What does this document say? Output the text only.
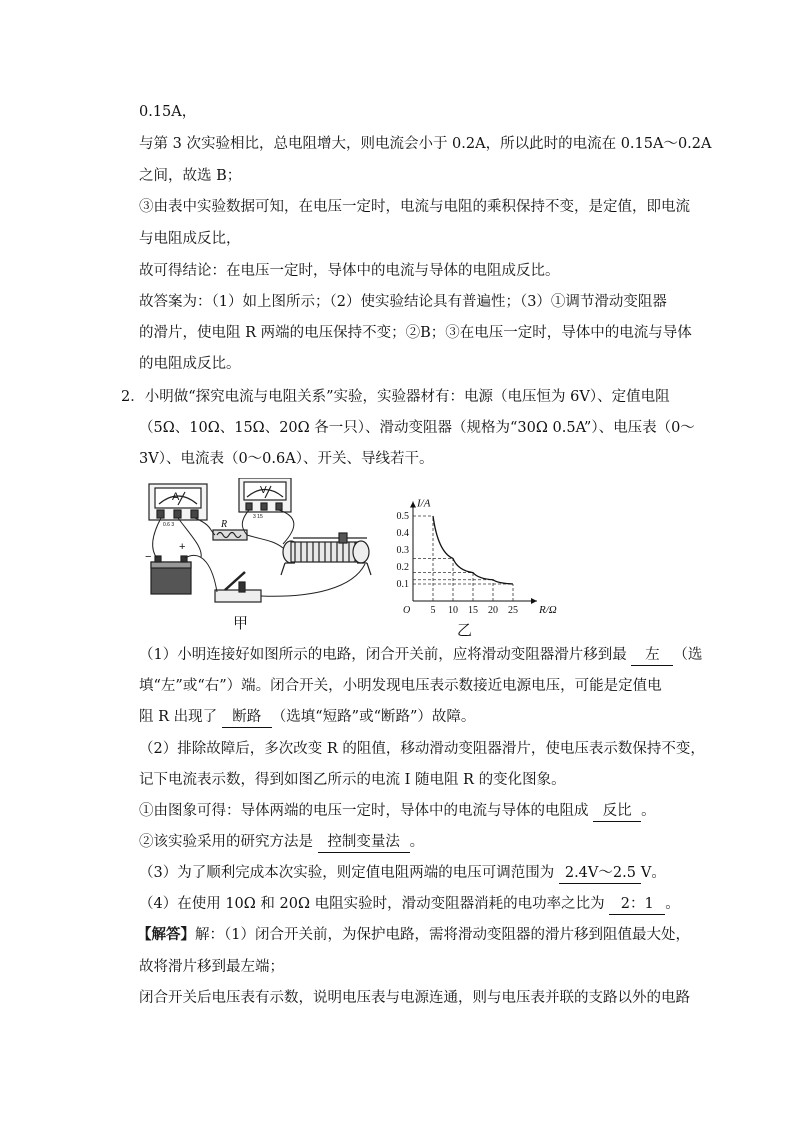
0.15A，
与第 3 次实验相比，总电阻增大，则电流会小于 0.2A，所以此时的电流在 0.15A～0.2A
之间，故选 B；
③由表中实验数据可知，在电压一定时，电流与电阻的乘积保持不变，是定值，即电流
与电阻成反比，
故可得结论：在电压一定时，导体中的电流与导体的电阻成反比。
故答案为：（1）如上图所示；（2）使实验结论具有普遍性；（3）①调节滑动变阻器
的滑片，使电阻 R 两端的电压保持不变；②B；③在电压一定时，导体中的电流与导体
的电阻成反比。
2．小明做“探究电流与电阻关系”实验，实验器材有：电源（电压恒为 6V）、定值电阻
（5Ω、10Ω、15Ω、20Ω 各一只）、滑动变阻器（规格为“30Ω 0.5A”）、电压表（0～
3V）、电流表（0～0.6A）、开关、导线若干。
A
V
0.6 3
3 15
R
+
−
5 10 15 20 25
0.1
0.2
0.3
0.4
0.5
O
I/A
R/Ω
甲	乙
（1）小明连接好如图所示的电路，闭合开关前，应将滑动变阻器滑片移到最 左 （选
填“左”或“右”）端。闭合开关，小明发现电压表示数接近电源电压，可能是定值电
阻 R 出现了 断路 （选填“短路”或“断路”）故障。
（2）排除故障后，多次改变 R 的阻值，移动滑动变阻器滑片，使电压表示数保持不变，
记下电流表示数，得到如图乙所示的电流 I 随电阻 R 的变化图象。
①由图象可得：导体两端的电压一定时，导体中的电流与导体的电阻成 反比 。
②该实验采用的研究方法是 控制变量法 。
（3）为了顺利完成本次实验，则定值电阻两端的电压可调范围为 2.4V～2.5 V。
（4）在使用 10Ω 和 20Ω 电阻实验时，滑动变阻器消耗的电功率之比为 2：1 。
【解答】解：（1）闭合开关前，为保护电路，需将滑动变阻器的滑片移到阻值最大处，
故将滑片移到最左端；
闭合开关后电压表有示数，说明电压表与电源连通，则与电压表并联的支路以外的电路
